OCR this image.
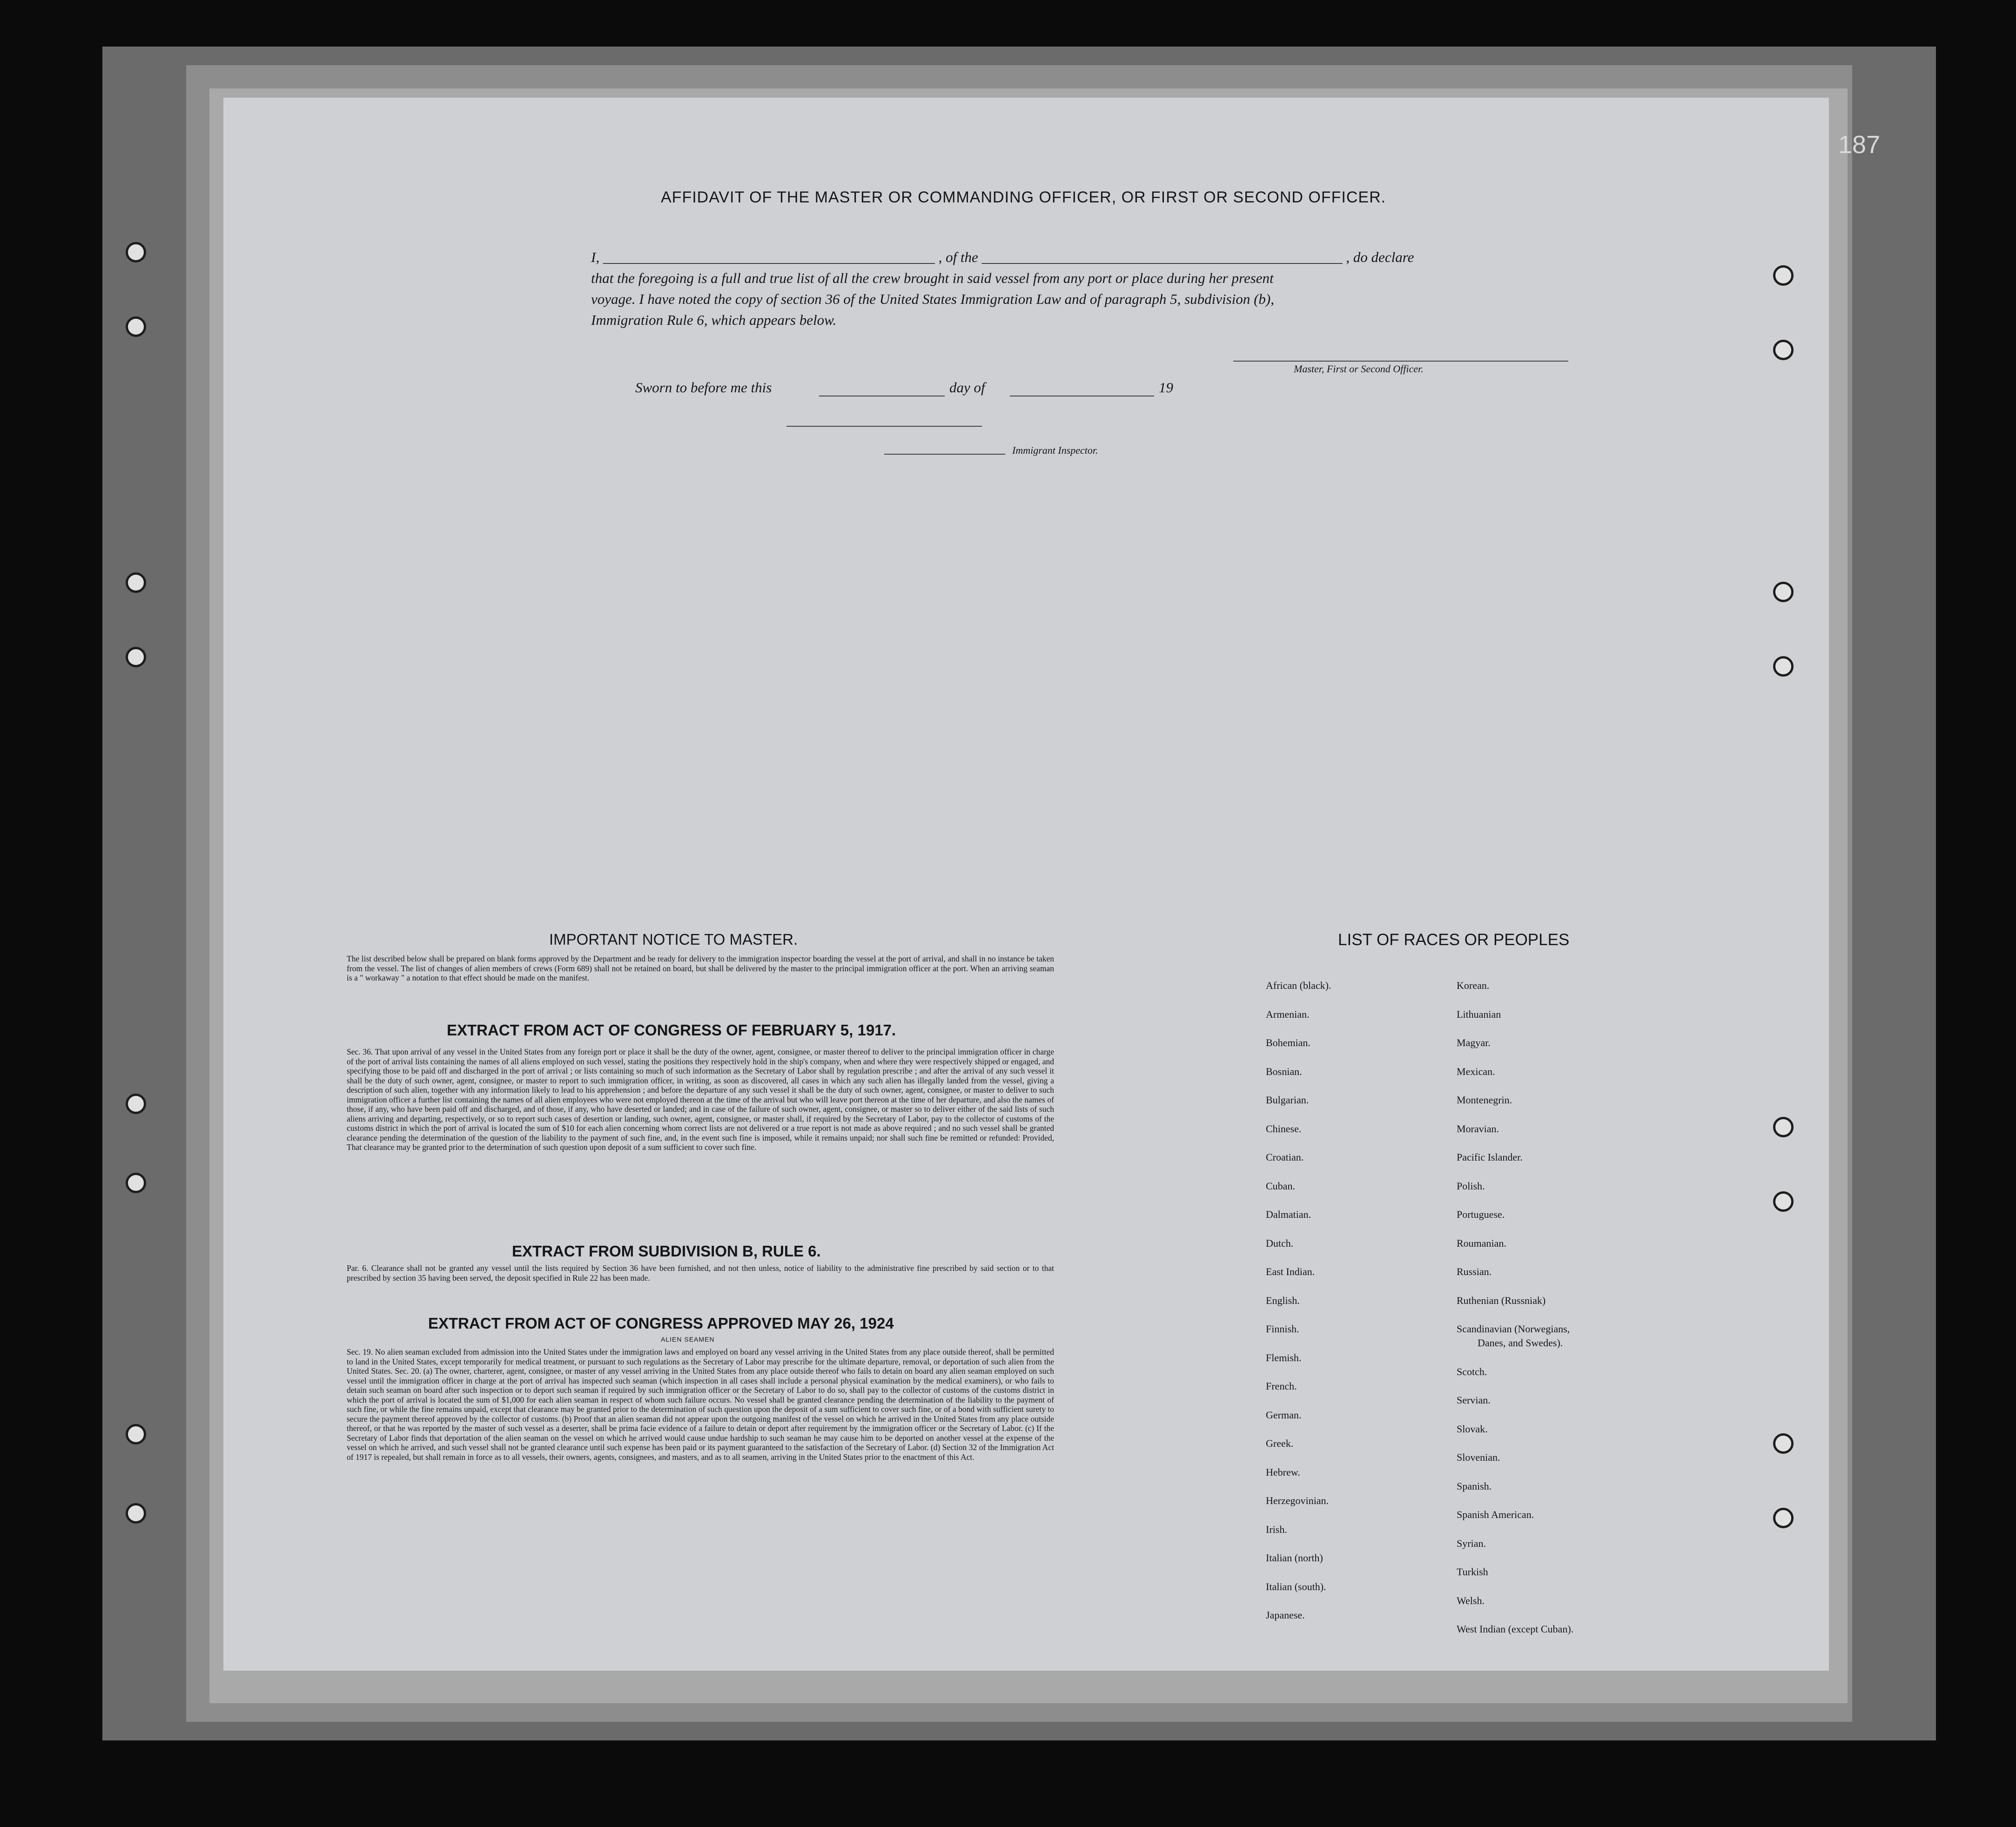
AFFIDAVIT OF THE MASTER OR COMMANDING OFFICER, OR FIRST OR SECOND OFFICER.
I, ______________________________________________ , of the __________________________________________________ , do declare
that the foregoing is a full and true list of all the crew brought in said vessel from any port or place during her present
voyage. I have noted the copy of section 36 of the United States Immigration Law and of paragraph 5, subdivision (b),
Immigration Rule 6, which appears below.
Master, First or Second Officer.
Sworn to before me this	day of	19
Immigrant Inspector.
IMPORTANT NOTICE TO MASTER.
The list described below shall be prepared on blank forms approved by the Department and be ready for delivery to the immigration inspector boarding the vessel at the port of arrival, and shall in no instance be taken from the vessel. The list of changes of alien members of crews (Form 689) shall not be retained on board, but shall be delivered by the master to the principal immigration officer at the port. When an arriving seaman is a " workaway " a notation to that effect should be made on the manifest.
EXTRACT FROM ACT OF CONGRESS OF FEBRUARY 5, 1917.
Sec. 36. That upon arrival of any vessel in the United States from any foreign port or place it shall be the duty of the owner, agent, consignee, or master thereof to deliver to the principal immigration officer in charge of the port of arrival lists containing the names of all aliens employed on such vessel, stating the positions they respectively hold in the ship's company, when and where they were respectively shipped or engaged, and specifying those to be paid off and discharged in the port of arrival ; or lists containing so much of such information as the Secretary of Labor shall by regulation prescribe ; and after the arrival of any such vessel it shall be the duty of such owner, agent, consignee, or master to report to such immigration officer, in writing, as soon as discovered, all cases in which any such alien has illegally landed from the vessel, giving a description of such alien, together with any information likely to lead to his apprehension ; and before the departure of any such vessel it shall be the duty of such owner, agent, consignee, or master to deliver to such immigration officer a further list containing the names of all alien employees who were not employed thereon at the time of the arrival but who will leave port thereon at the time of her departure, and also the names of those, if any, who have been paid off and discharged, and of those, if any, who have deserted or landed; and in case of the failure of such owner, agent, consignee, or master so to deliver either of the said lists of such aliens arriving and departing, respectively, or so to report such cases of desertion or landing, such owner, agent, consignee, or master shall, if required by the Secretary of Labor, pay to the collector of customs of the customs district in which the port of arrival is located the sum of $10 for each alien concerning whom correct lists are not delivered or a true report is not made as above required ; and no such vessel shall be granted clearance pending the determination of the question of the liability to the payment of such fine, and, in the event such fine is imposed, while it remains unpaid; nor shall such fine be remitted or refunded: Provided, That clearance may be granted prior to the determination of such question upon deposit of a sum sufficient to cover such fine.
EXTRACT FROM SUBDIVISION B, RULE 6.
Par. 6. Clearance shall not be granted any vessel until the lists required by Section 36 have been furnished, and not then unless, notice of liability to the administrative fine prescribed by said section or to that prescribed by section 35 having been served, the deposit specified in Rule 22 has been made.
EXTRACT FROM ACT OF CONGRESS APPROVED MAY 26, 1924
ALIEN SEAMEN
Sec. 19. No alien seaman excluded from admission into the United States under the immigration laws and employed on board any vessel arriving in the United States from any place outside thereof, shall be permitted to land in the United States, except temporarily for medical treatment, or pursuant to such regulations as the Secretary of Labor may prescribe for the ultimate departure, removal, or deportation of such alien from the United States. Sec. 20. (a) The owner, charterer, agent, consignee, or master of any vessel arriving in the United States from any place outside thereof who fails to detain on board any alien seaman employed on such vessel until the immigration officer in charge at the port of arrival has inspected such seaman (which inspection in all cases shall include a personal physical examination by the medical examiners), or who fails to detain such seaman on board after such inspection or to deport such seaman if required by such immigration officer or the Secretary of Labor to do so, shall pay to the collector of customs of the customs district in which the port of arrival is located the sum of $1,000 for each alien seaman in respect of whom such failure occurs. No vessel shall be granted clearance pending the determination of the liability to the payment of such fine, or while the fine remains unpaid, except that clearance may be granted prior to the determination of such question upon the deposit of a sum sufficient to cover such fine, or of a bond with sufficient surety to secure the payment thereof approved by the collector of customs. (b) Proof that an alien seaman did not appear upon the outgoing manifest of the vessel on which he arrived in the United States from any place outside thereof, or that he was reported by the master of such vessel as a deserter, shall be prima facie evidence of a failure to detain or deport after requirement by the immigration officer or the Secretary of Labor. (c) If the Secretary of Labor finds that deportation of the alien seaman on the vessel on which he arrived would cause undue hardship to such seaman he may cause him to be deported on another vessel at the expense of the vessel on which he arrived, and such vessel shall not be granted clearance until such expense has been paid or its payment guaranteed to the satisfaction of the Secretary of Labor. (d) Section 32 of the Immigration Act of 1917 is repealed, but shall remain in force as to all vessels, their owners, agents, consignees, and masters, and as to all seamen, arriving in the United States prior to the enactment of this Act.
LIST OF RACES OR PEOPLES
African (black).
Armenian.
Bohemian.
Bosnian.
Bulgarian.
Chinese.
Croatian.
Cuban.
Dalmatian.
Dutch.
East Indian.
English.
Finnish.
Flemish.
French.
German.
Greek.
Hebrew.
Herzegovinian.
Irish.
Italian (north)
Italian (south).
Japanese.
Korean.
Lithuanian
Magyar.
Mexican.
Montenegrin.
Moravian.
Pacific Islander.
Polish.
Portuguese.
Roumanian.
Russian.
Ruthenian (Russniak)
Scandinavian (Norwegians,
Danes, and Swedes).
Scotch.
Servian.
Slovak.
Slovenian.
Spanish.
Spanish American.
Syrian.
Turkish
Welsh.
West Indian (except Cuban).
187
